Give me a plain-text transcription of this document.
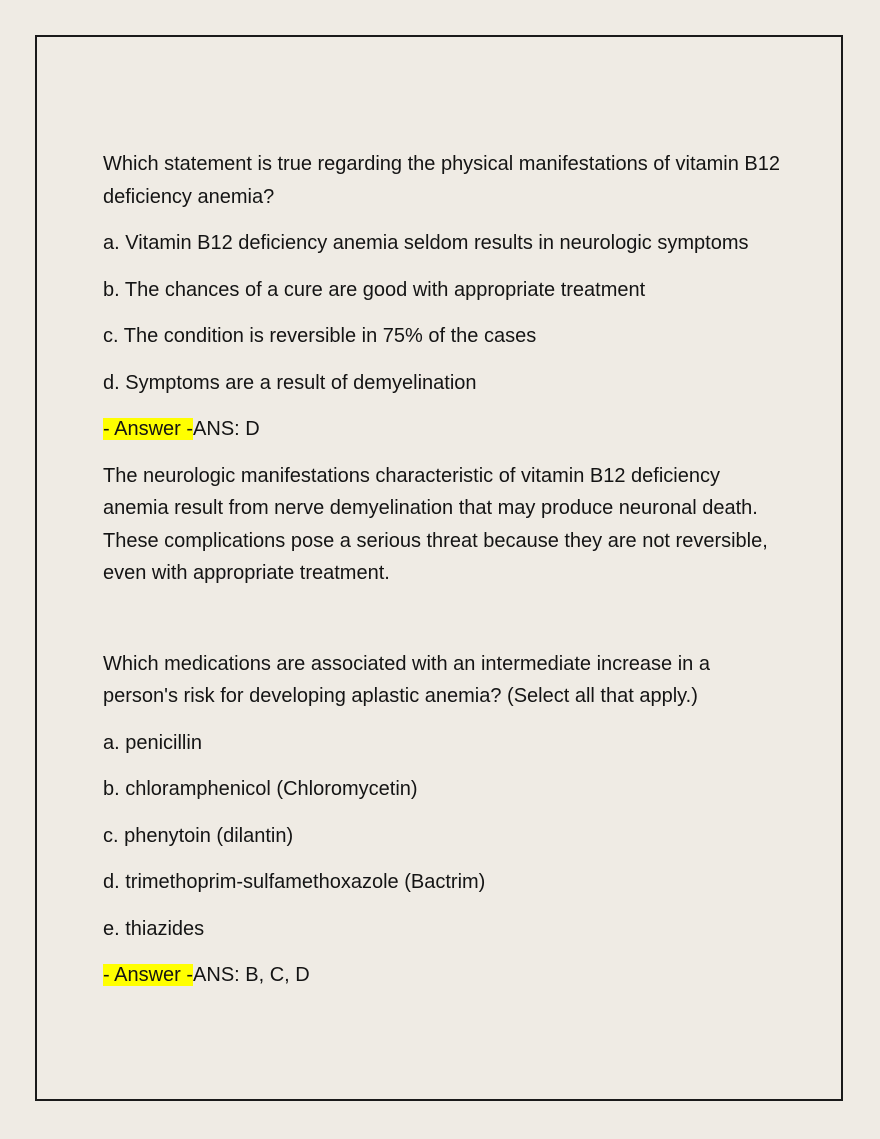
Which statement is true regarding the physical manifestations of vitamin B12 deficiency anemia?

a. Vitamin B12 deficiency anemia seldom results in neurologic symptoms

b. The chances of a cure are good with appropriate treatment

c. The condition is reversible in 75% of the cases

d. Symptoms are a result of demyelination

- Answer -ANS: D

The neurologic manifestations characteristic of vitamin B12 deficiency anemia result from nerve demyelination that may produce neuronal death. These complications pose a serious threat because they are not reversible, even with appropriate treatment.

Which medications are associated with an intermediate increase in a person's risk for developing aplastic anemia? (Select all that apply.)

a. penicillin

b. chloramphenicol (Chloromycetin)

c. phenytoin (dilantin)

d. trimethoprim-sulfamethoxazole (Bactrim)

e. thiazides

- Answer -ANS: B, C, D
